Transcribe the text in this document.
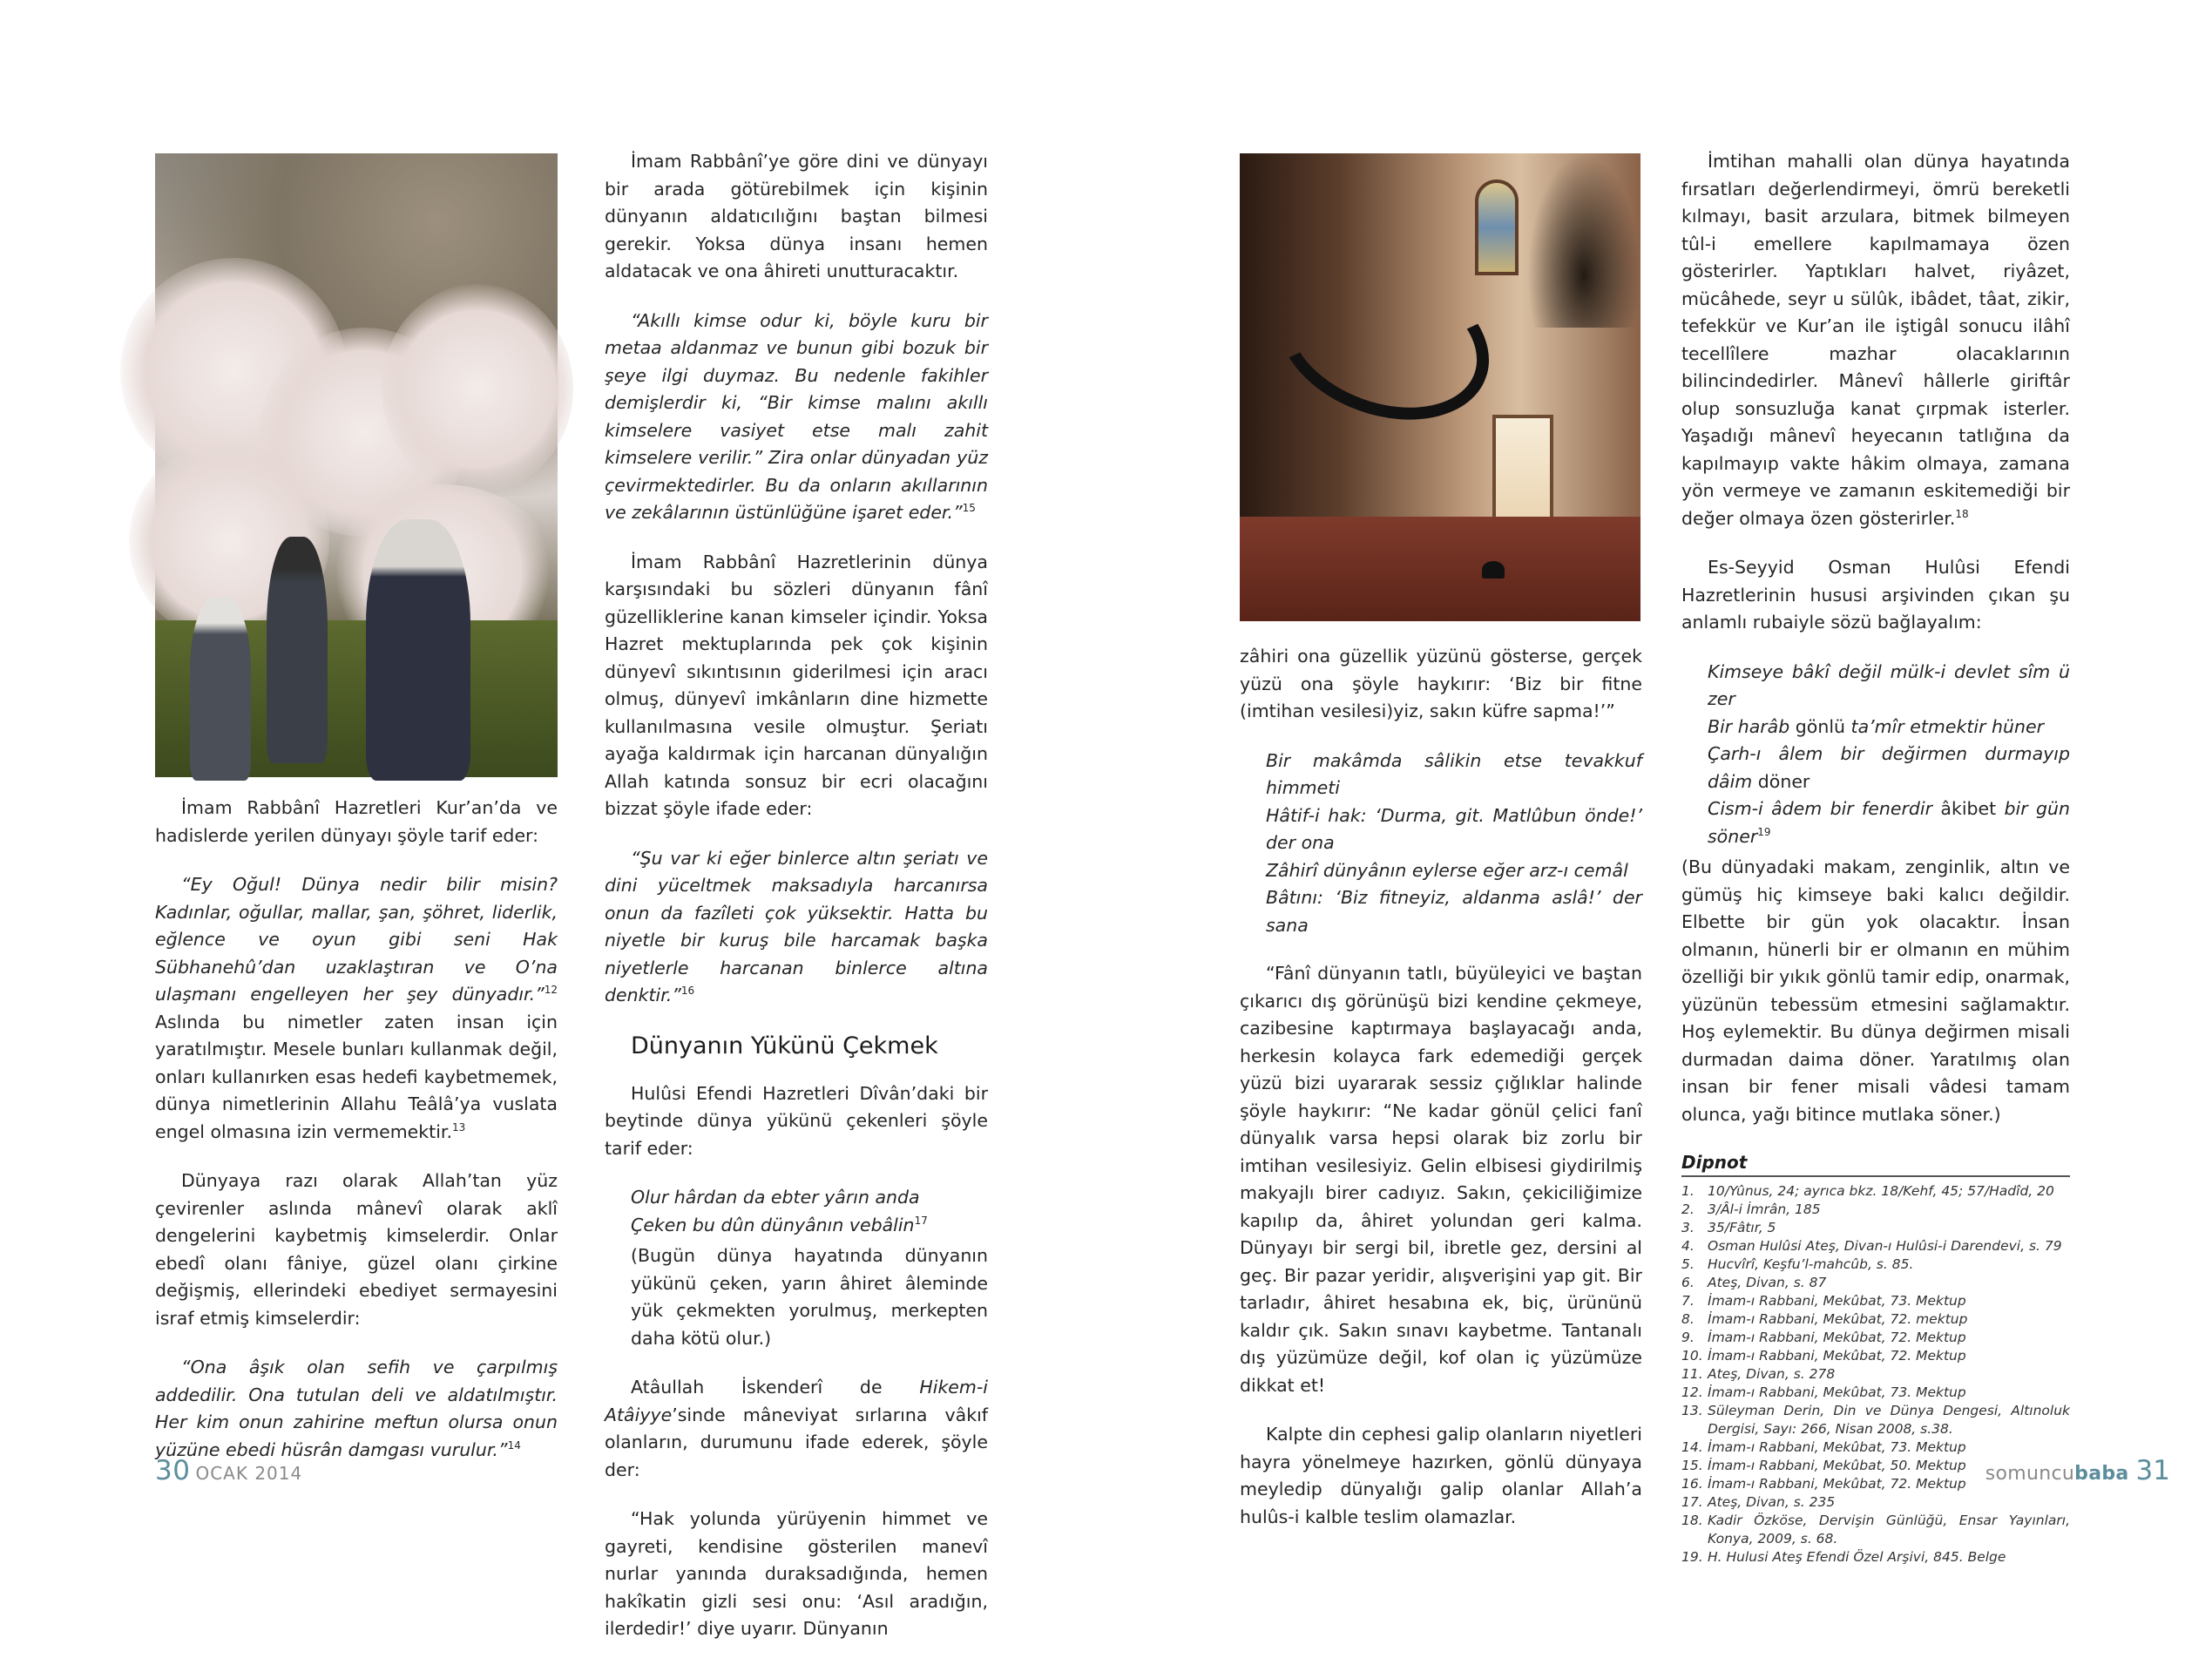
İmam Rabbânî Hazretleri Kur’an’da ve hadislerde yerilen dünyayı şöyle tarif eder:

“Ey Oğul! Dünya nedir bilir misin? Kadınlar, oğullar, mallar, şan, şöhret, liderlik, eğlence ve oyun gibi seni Hak Sübhanehû’dan uzaklaştıran ve O’na ulaşmanı engelleyen her şey dünyadır.”$^{12}$ Aslında bu nimetler zaten insan için yaratılmıştır. Mesele bunları kullanmak değil, onları kullanırken esas hedefi kaybetmemek, dünya nimetlerinin Allahu Teâlâ’ya vuslata engel olmasına izin vermemektir.$^{13}$

Dünyaya razı olarak Allah’tan yüz çevirenler aslında mânevî olarak aklî dengelerini kaybetmiş kimselerdir. Onlar ebedî olanı fâniye, güzel olanı çirkine değişmiş, ellerindeki ebediyet sermayesini israf etmiş kimselerdir:

“Ona âşık olan sefih ve çarpılmış addedilir. Ona tutulan deli ve aldatılmıştır. Her kim onun zahirine meftun olursa onun yüzüne ebedi hüsrân damgası vurulur.”$^{14}$

İmam Rabbânî’ye göre dini ve dünyayı bir arada götürebilmek için kişinin dünyanın aldatıcılığını baştan bilmesi gerekir. Yoksa dünya insanı hemen aldatacak ve ona âhireti unutturacaktır.

“Akıllı kimse odur ki, böyle kuru bir metaa aldanmaz ve bunun gibi bozuk bir şeye ilgi duymaz. Bu nedenle fakihler demişlerdir ki, “Bir kimse malını akıllı kimselere vasiyet etse malı zahit kimselere verilir.” Zira onlar dünyadan yüz çevirmektedirler. Bu da onların akıllarının ve zekâlarının üstünlüğüne işaret eder.”$^{15}$

İmam Rabbânî Hazretlerinin dünya karşısındaki bu sözleri dünyanın fânî güzelliklerine kanan kimseler içindir. Yoksa Hazret mektuplarında pek çok kişinin dünyevî sıkıntısının giderilmesi için aracı olmuş, dünyevî imkânların dine hizmette kullanılmasına vesile olmuştur. Şeriatı ayağa kaldırmak için harcanan dünyalığın Allah katında sonsuz bir ecri olacağını bizzat şöyle ifade eder:

“Şu var ki eğer binlerce altın şeriatı ve dini yüceltmek maksadıyla harcanırsa onun da fazîleti çok yüksektir. Hatta bu niyetle bir kuruş bile harcamak başka niyetlerle harcanan binlerce altına denktir.”$^{16}$

Dünyanın Yükünü Çekmek

Hulûsi Efendi Hazretleri Dîvân’daki bir beytinde dünya yükünü çekenleri şöyle tarif eder:

Olur hârdan da ebter yârın anda
Çeken bu dûn dünyânın vebâlin$^{17}$

(Bugün dünya hayatında dünyanın yükünü çeken, yarın âhiret âleminde yük çekmekten yorulmuş, merkepten daha kötü olur.)

Atâullah İskenderî de Hikem-i Atâiyye’sinde mâneviyat sırlarına vâkıf olanların, durumunu ifade ederek, şöyle der:

“Hak yolunda yürüyenin himmet ve gayreti, kendisine gösterilen manevî nurlar yanında duraksadığında, hemen hakîkatin gizli sesi onu: ‘Asıl aradığın, ilerdedir!’ diye uyarır. Dünyanın

30 OCAK 2014

zâhiri ona güzellik yüzünü gösterse, gerçek yüzü ona şöyle haykırır: ‘Biz bir fitne (imtihan vesilesi)yiz, sakın küfre sapma!’”

Bir makâmda sâlikin etse tevakkuf himmeti
Hâtif-i hak: ‘Durma, git. Matlûbun önde!’ der ona
Zâhirî dünyânın eylerse eğer arz-ı cemâl
Bâtını: ‘Biz fitneyiz, aldanma aslâ!’ der sana

“Fânî dünyanın tatlı, büyüleyici ve baştan çıkarıcı dış görünüşü bizi kendine çekmeye, cazibesine kaptırmaya başlayacağı anda, herkesin kolayca fark edemediği gerçek yüzü bizi uyararak sessiz çığlıklar halinde şöyle haykırır: “Ne kadar gönül çelici fanî dünyalık varsa hepsi olarak biz zorlu bir imtihan vesilesiyiz. Gelin elbisesi giydirilmiş makyajlı birer cadıyız. Sakın, çekiciliğimize kapılıp da, âhiret yolundan geri kalma. Dünyayı bir sergi bil, ibretle gez, dersini al geç. Bir pazar yeridir, alışverişini yap git. Bir tarladır, âhiret hesabına ek, biç, ürününü kaldır çık. Sakın sınavı kaybetme. Tantanalı dış yüzümüze değil, kof olan iç yüzümüze dikkat et!

Kalpte din cephesi galip olanların niyetleri hayra yönelmeye hazırken, gönlü dünyaya meyledip dünyalığı galip olanlar Allah’a hulûs-i kalble teslim olamazlar.

İmtihan mahalli olan dünya hayatında fırsatları değerlendirmeyi, ömrü bereketli kılmayı, basit arzulara, bitmek bilmeyen tûl-i emellere kapılmamaya özen gösterirler. Yaptıkları halvet, riyâzet, mücâhede, seyr u sülûk, ibâdet, tâat, zikir, tefekkür ve Kur’an ile iştigâl sonucu ilâhî tecellîlere mazhar olacaklarının bilincindedirler. Mânevî hâllerle giriftâr olup sonsuzluğa kanat çırpmak isterler. Yaşadığı mânevî heyecanın tatlığına da kapılmayıp vakte hâkim olmaya, zamana yön vermeye ve zamanın eskitemediği bir değer olmaya özen gösterirler.$^{18}$

Es-Seyyid Osman Hulûsi Efendi Hazretlerinin hususi arşivinden çıkan şu anlamlı rubaiyle sözü bağlayalım:

Kimseye bâkî değil mülk-i devlet sîm ü zer
Bir harâb gönlü ta’mîr etmektir hüner
Çarh-ı âlem bir değirmen durmayıp dâim döner
Cism-i âdem bir fenerdir âkibet bir gün söner$^{19}$

(Bu dünyadaki makam, zenginlik, altın ve gümüş hiç kimseye baki kalıcı değildir. Elbette bir gün yok olacaktır. İnsan olmanın, hünerli bir er olmanın en mühim özelliği bir yıkık gönlü tamir edip, onarmak, yüzünün tebessüm etmesini sağlamaktır. Hoş eylemektir. Bu dünya değirmen misali durmadan daima döner. Yaratılmış olan insan bir fener misali vâdesi tamam olunca, yağı bitince mutlaka söner.)

Dipnot
1. 10/Yûnus, 24; ayrıca bkz. 18/Kehf, 45; 57/Hadîd, 20
2. 3/Âl-i İmrân, 185
3. 35/Fâtır, 5
4. Osman Hulûsi Ateş, Divan-ı Hulûsi-i Darendevi, s. 79
5. Hucvîrî, Keşfu’l-mahcûb, s. 85.
6. Ateş, Divan, s. 87
7. İmam-ı Rabbani, Mekûbat, 73. Mektup
8. İmam-ı Rabbani, Mekûbat, 72. mektup
9. İmam-ı Rabbani, Mekûbat, 72. Mektup
10. İmam-ı Rabbani, Mekûbat, 72. Mektup
11. Ateş, Divan, s. 278
12. İmam-ı Rabbani, Mekûbat, 73. Mektup
13. Süleyman Derin, Din ve Dünya Dengesi, Altınoluk Dergisi, Sayı: 266, Nisan 2008, s.38.
14. İmam-ı Rabbani, Mekûbat, 73. Mektup
15. İmam-ı Rabbani, Mekûbat, 50. Mektup
16. İmam-ı Rabbani, Mekûbat, 72. Mektup
17. Ateş, Divan, s. 235
18. Kadir Özköse, Dervişin Günlüğü, Ensar Yayınları, Konya, 2009, s. 68.
19. H. Hulusi Ateş Efendi Özel Arşivi, 845. Belge
somuncubaba 31
